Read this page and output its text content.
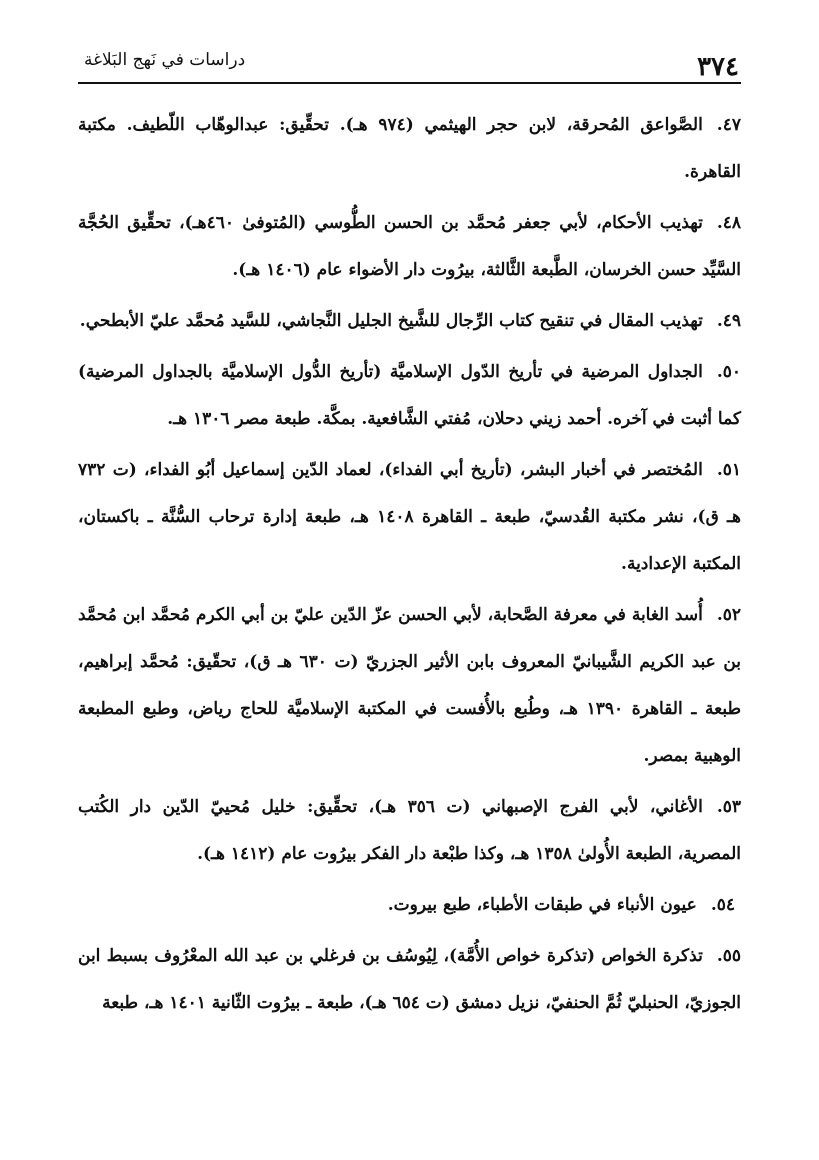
دراسات في نَهج البَلاغة	٣٧٤

٤٧.الصَّواعق المُحرقة، لابن حجر الهيثمي (٩٧٤ هـ). تحقِّيق: عبدالوهّاب اللّطيف. مكتبة القاهرة.

٤٨.تهذيب الأحكام، لأبي جعفر مُحمَّد بن الحسن الطُّوسي (المُتوفىٰ ٤٦٠هـ)، تحقِّيق الحُجَّة السَّيِّد حسن الخرسان، الطَّبعة الثَّالثة، بيرُوت دار الأضواء عام (١٤٠٦ هـ).

٤٩.تهذيب المقال في تنقيح كتاب الرِّجال للشَّيخ الجليل النَّجاشي، للسَّيد مُحمَّد عليّ الأبطحي.

٥٠.الجداول المرضية في تأريخ الدّول الإسلاميَّة (تأريخ الدُّول الإسلاميَّة بالجداول المرضية) كما أثبت في آخره. أحمد زيني دحلان، مُفتي الشَّافعية. بمكَّة. طبعة مصر ١٣٠٦ هـ.

٥١.المُختصر في أخبار البشر، (تأريخ أبي الفداء)، لعماد الدّين إسماعيل أبُو الفداء، (ت ٧٣٢ هـ ق)، نشر مكتبة القُدسيّ، طبعة ـ القاهرة ١٤٠٨ هـ، طبعة إدارة ترحاب السُّنَّة ـ باكستان، المكتبة الإعدادية.

٥٢.أُسد الغابة في معرفة الصَّحابة، لأبي الحسن عزّ الدّين عليّ بن أبي الكرم مُحمَّد ابن مُحمَّد بن عبد الكريم الشَّيبانيّ المعروف بابن الأثير الجزريّ (ت ٦٣٠ هـ ق)، تحقّيق: مُحمَّد إبراهيم، طبعة ـ القاهرة ١٣٩٠ هـ، وطُبع بالأُفست في المكتبة الإسلاميَّة للحاج رياض، وطبع المطبعة الوهبية بمصر.

٥٣.الأغاني، لأبي الفرج الإصبهاني (ت ٣٥٦ هـ)، تحقِّيق: خليل مُحييّ الدّين دار الكُتب المصرية، الطبعة الأُولىٰ ١٣٥٨ هـ، وكذا طبْعة دار الفكر بيرُوت عام (١٤١٢ هـ).

٥٤.عيون الأنباء في طبقات الأطباء، طبع بيروت.

٥٥.تذكرة الخواص (تذكرة خواص الأُمَّة)، لِيُوسُف بن فرغلي بن عبد الله المعْرُوف بسبط ابن الجوزيّ، الحنبليّ ثُمَّ الحنفيّ، نزيل دمشق (ت ٦٥٤ هـ)، طبعة ـ بيرُوت الثّانية ١٤٠١ هـ، طبعة
